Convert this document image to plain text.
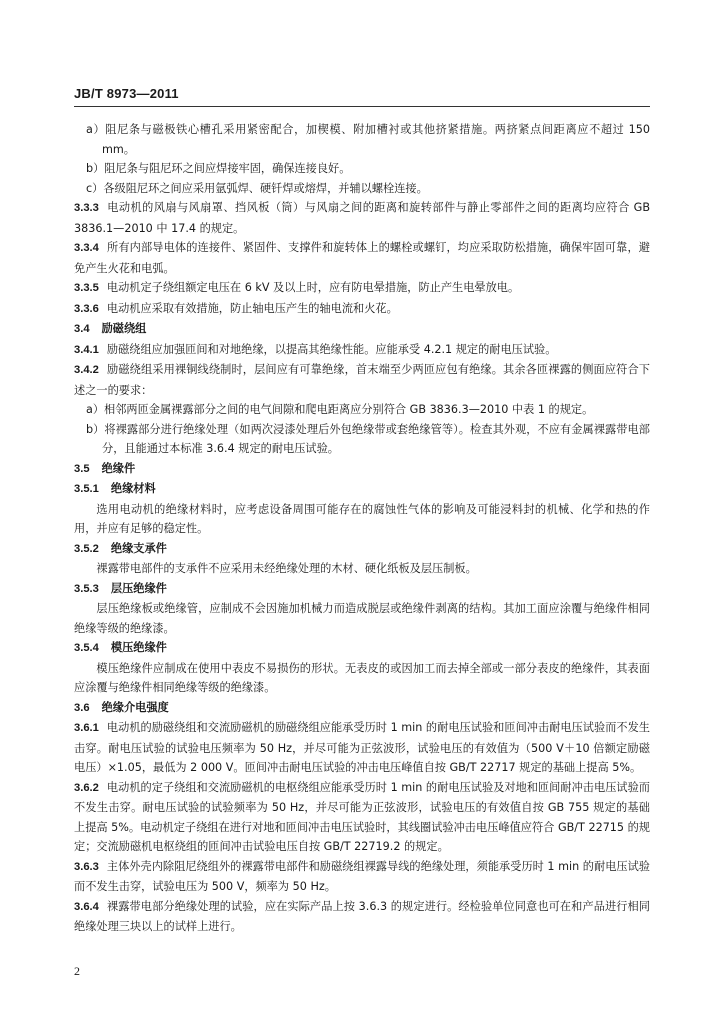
JB/T 8973—2011

a）阻尼条与磁极铁心槽孔采用紧密配合，加楔模、附加槽衬或其他挤紧措施。两挤紧点间距离应不超过 150 mm。

b）阻尼条与阻尼环之间应焊接牢固，确保连接良好。

c）各级阻尼环之间应采用氩弧焊、硬钎焊或熔焊，并辅以螺栓连接。

3.3.3 电动机的风扇与风扇罩、挡风板（筒）与风扇之间的距离和旋转部件与静止零部件之间的距离均应符合 GB 3836.1—2010 中 17.4 的规定。

3.3.4 所有内部导电体的连接件、紧固件、支撑件和旋转体上的螺栓或螺钉，均应采取防松措施，确保牢固可靠，避免产生火花和电弧。

3.3.5 电动机定子绕组额定电压在 6 kV 及以上时，应有防电晕措施，防止产生电晕放电。

3.3.6 电动机应采取有效措施，防止轴电压产生的轴电流和火花。

3.4 励磁绕组

3.4.1 励磁绕组应加强匝间和对地绝缘，以提高其绝缘性能。应能承受 4.2.1 规定的耐电压试验。

3.4.2 励磁绕组采用裸铜线绕制时，层间应有可靠绝缘，首末端至少两匝应包有绝缘。其余各匝裸露的侧面应符合下述之一的要求：

a）相邻两匝金属裸露部分之间的电气间隙和爬电距离应分别符合 GB 3836.3—2010 中表 1 的规定。

b）将裸露部分进行绝缘处理（如两次浸漆处理后外包绝缘带或套绝缘管等）。检查其外观，不应有金属裸露带电部分，且能通过本标准 3.6.4 规定的耐电压试验。

3.5 绝缘件

3.5.1 绝缘材料

选用电动机的绝缘材料时，应考虑设备周围可能存在的腐蚀性气体的影响及可能浸料封的机械、化学和热的作用，并应有足够的稳定性。

3.5.2 绝缘支承件

裸露带电部件的支承件不应采用未经绝缘处理的木材、硬化纸板及层压制板。

3.5.3 层压绝缘件

层压绝缘板或绝缘管，应制成不会因施加机械力而造成脱层或绝缘件剥离的结构。其加工面应涂覆与绝缘件相同绝缘等级的绝缘漆。

3.5.4 模压绝缘件

模压绝缘件应制成在使用中表皮不易损伤的形状。无表皮的或因加工而去掉全部或一部分表皮的绝缘件，其表面应涂覆与绝缘件相同绝缘等级的绝缘漆。

3.6 绝缘介电强度

3.6.1 电动机的励磁绕组和交流励磁机的励磁绕组应能承受历时 1 min 的耐电压试验和匝间冲击耐电压试验而不发生击穿。耐电压试验的试验电压频率为 50 Hz，并尽可能为正弦波形，试验电压的有效值为（500 V＋10 倍额定励磁电压）×1.05，最低为 2 000 V。匝间冲击耐电压试验的冲击电压峰值自按 GB/T 22717 规定的基础上提高 5%。

3.6.2 电动机的定子绕组和交流励磁机的电枢绕组应能承受历时 1 min 的耐电压试验及对地和匝间耐冲击电压试验而不发生击穿。耐电压试验的试验频率为 50 Hz，并尽可能为正弦波形，试验电压的有效值自按 GB 755 规定的基础上提高 5%。电动机定子绕组在进行对地和匝间冲击电压试验时，其线圈试验冲击电压峰值应符合 GB/T 22715 的规定；交流励磁机电枢绕组的匝间冲击试验电压自按 GB/T 22719.2 的规定。

3.6.3 主体外壳内除阻尼绕组外的裸露带电部件和励磁绕组裸露导线的绝缘处理，须能承受历时 1 min 的耐电压试验而不发生击穿，试验电压为 500 V，频率为 50 Hz。

3.6.4 裸露带电部分绝缘处理的试验，应在实际产品上按 3.6.3 的规定进行。经检验单位同意也可在和产品进行相同绝缘处理三块以上的试样上进行。

2
